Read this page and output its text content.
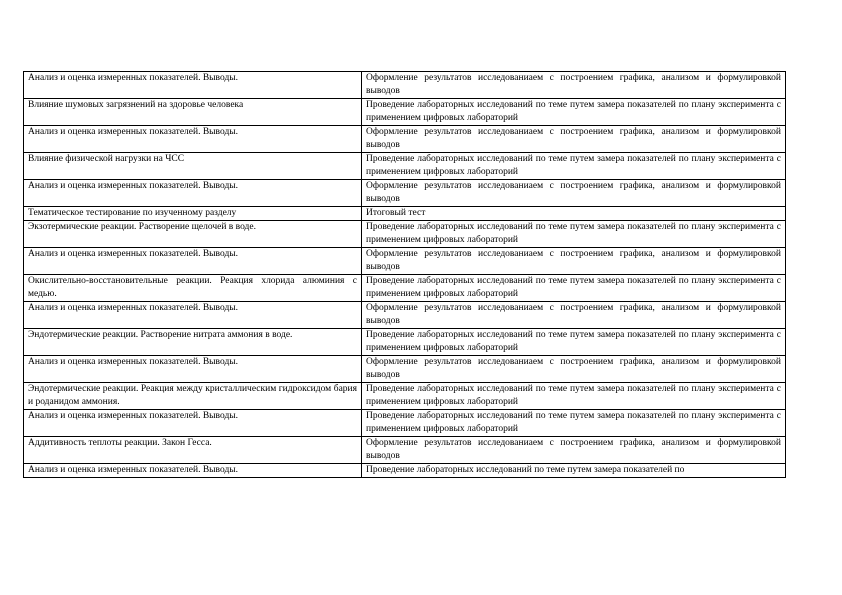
Анализ и оценка измеренных показателей. Выводы.	Оформление результатов исследованиаем с построением графика, анализом и формулировкой выводов
Влияние шумовых загрязнений на здоровье человека	Проведение лабораторных исследований по теме путем замера показателей по плану эксперимента с применением цифровых лабораторий
Анализ и оценка измеренных показателей. Выводы.	Оформление результатов исследованиаем с построением графика, анализом и формулировкой выводов
Влияние физической нагрузки на ЧСС	Проведение лабораторных исследований по теме путем замера показателей по плану эксперимента с применением цифровых лабораторий
Анализ и оценка измеренных показателей. Выводы.	Оформление результатов исследованиаем с построением графика, анализом и формулировкой выводов
Тематическое тестирование по изученному разделу	Итоговый тест
Экзотермические реакции. Растворение щелочей в воде.	Проведение лабораторных исследований по теме путем замера показателей по плану эксперимента с применением цифровых лабораторий
Анализ и оценка измеренных показателей. Выводы.	Оформление результатов исследованиаем с построением графика, анализом и формулировкой выводов
Окислительно-восстановительные реакции. Реакция хлорида алюминия с медью.	Проведение лабораторных исследований по теме путем замера показателей по плану эксперимента с применением цифровых лабораторий
Анализ и оценка измеренных показателей. Выводы.	Оформление результатов исследованиаем с построением графика, анализом и формулировкой выводов
Эндотермические реакции. Растворение нитрата аммония в воде.	Проведение лабораторных исследований по теме путем замера показателей по плану эксперимента с применением цифровых лабораторий
Анализ и оценка измеренных показателей. Выводы.	Оформление результатов исследованиаем с построением графика, анализом и формулировкой выводов
Эндотермические реакции. Реакция между кристаллическим гидроксидом бария и роданидом аммония.	Проведение лабораторных исследований по теме путем замера показателей по плану эксперимента с применением цифровых лабораторий
Анализ и оценка измеренных показателей. Выводы.	Проведение лабораторных исследований по теме путем замера показателей по плану эксперимента с применением цифровых лабораторий
Аддитивность теплоты реакции. Закон Гесса.	Оформление результатов исследованиаем с построением графика, анализом и формулировкой выводов
Анализ и оценка измеренных показателей. Выводы.	Проведение лабораторных исследований по теме путем замера показателей по
